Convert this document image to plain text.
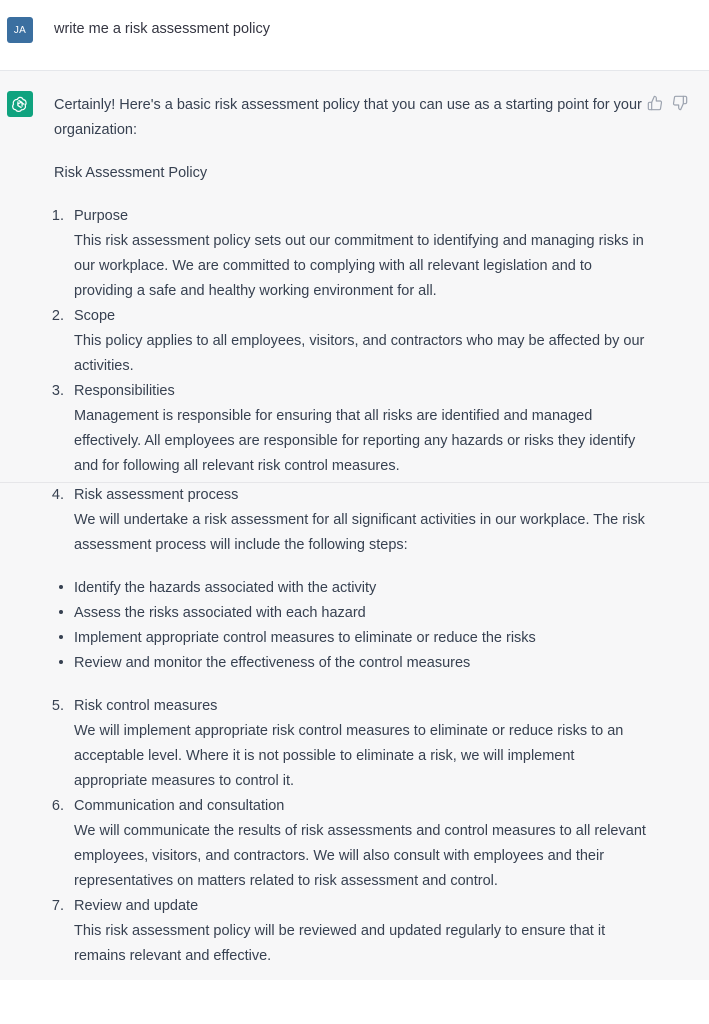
JA	write me a risk assessment policy
Certainly! Here's a basic risk assessment policy that you can use as a starting point for your
organization:
Risk Assessment Policy
1. Purpose
This risk assessment policy sets out our commitment to identifying and managing risks in
our workplace. We are committed to complying with all relevant legislation and to
providing a safe and healthy working environment for all.
2. Scope
This policy applies to all employees, visitors, and contractors who may be affected by our
activities.
3. Responsibilities
Management is responsible for ensuring that all risks are identified and managed
effectively. All employees are responsible for reporting any hazards or risks they identify
and for following all relevant risk control measures.
4. Risk assessment process
We will undertake a risk assessment for all significant activities in our workplace. The risk
assessment process will include the following steps:
Identify the hazards associated with the activity
Assess the risks associated with each hazard
Implement appropriate control measures to eliminate or reduce the risks
Review and monitor the effectiveness of the control measures
5. Risk control measures
We will implement appropriate risk control measures to eliminate or reduce risks to an
acceptable level. Where it is not possible to eliminate a risk, we will implement
appropriate measures to control it.
6. Communication and consultation
We will communicate the results of risk assessments and control measures to all relevant
employees, visitors, and contractors. We will also consult with employees and their
representatives on matters related to risk assessment and control.
7. Review and update
This risk assessment policy will be reviewed and updated regularly to ensure that it
remains relevant and effective.
